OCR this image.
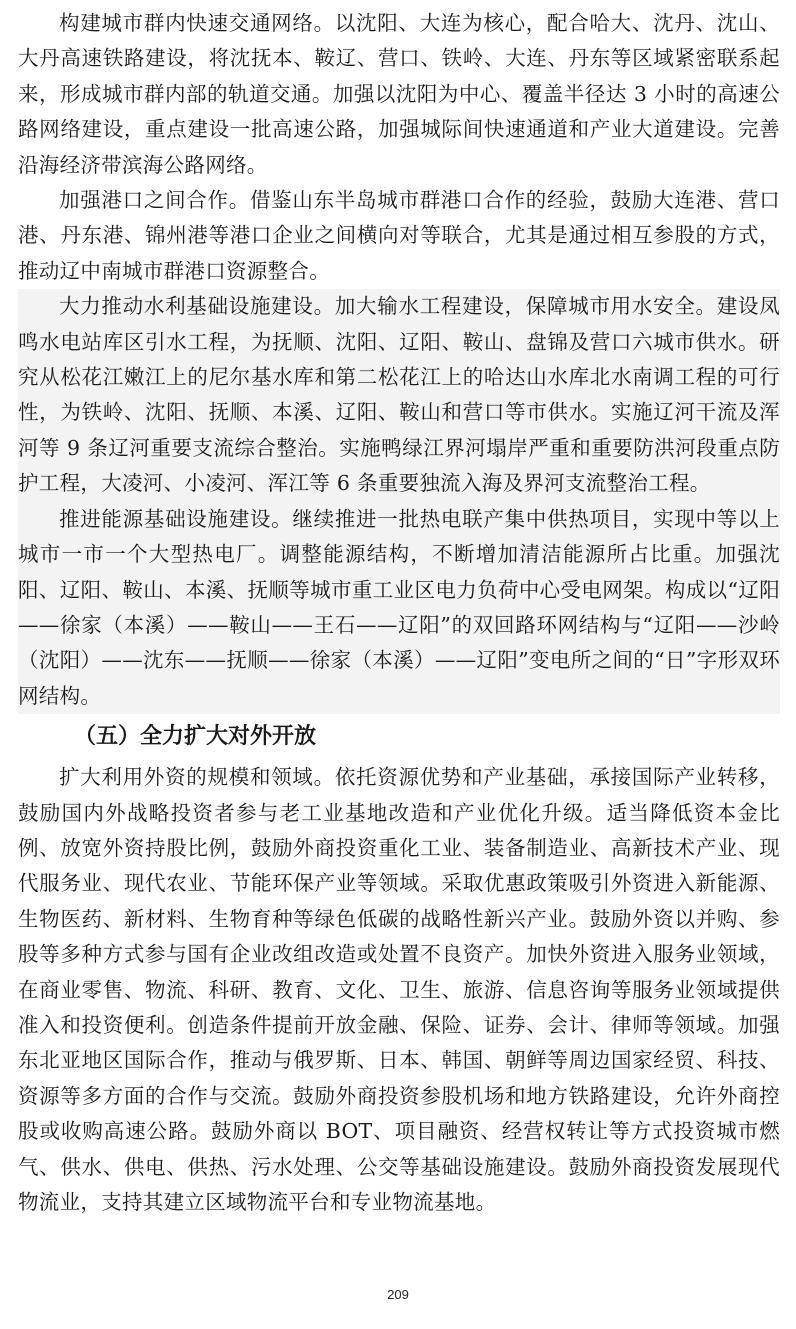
构建城市群内快速交通网络。以沈阳、大连为核心，配合哈大、沈丹、沈山、大丹高速铁路建设，将沈抚本、鞍辽、营口、铁岭、大连、丹东等区域紧密联系起来，形成城市群内部的轨道交通。加强以沈阳为中心、覆盖半径达 3 小时的高速公路网络建设，重点建设一批高速公路，加强城际间快速通道和产业大道建设。完善沿海经济带滨海公路网络。

加强港口之间合作。借鉴山东半岛城市群港口合作的经验，鼓励大连港、营口港、丹东港、锦州港等港口企业之间横向对等联合，尤其是通过相互参股的方式，推动辽中南城市群港口资源整合。

大力推动水利基础设施建设。加大输水工程建设，保障城市用水安全。建设凤鸣水电站库区引水工程，为抚顺、沈阳、辽阳、鞍山、盘锦及营口六城市供水。研究从松花江嫩江上的尼尔基水库和第二松花江上的哈达山水库北水南调工程的可行性，为铁岭、沈阳、抚顺、本溪、辽阳、鞍山和营口等市供水。实施辽河干流及浑河等 9 条辽河重要支流综合整治。实施鸭绿江界河塌岸严重和重要防洪河段重点防护工程，大凌河、小凌河、浑江等 6 条重要独流入海及界河支流整治工程。

推进能源基础设施建设。继续推进一批热电联产集中供热项目，实现中等以上城市一市一个大型热电厂。调整能源结构，不断增加清洁能源所占比重。加强沈阳、辽阳、鞍山、本溪、抚顺等城市重工业区电力负荷中心受电网架。构成以“辽阳——徐家（本溪）——鞍山——王石——辽阳”的双回路环网结构与“辽阳——沙岭（沈阳）——沈东——抚顺——徐家（本溪）——辽阳”变电所之间的“日”字形双环网结构。

（五）全力扩大对外开放

扩大利用外资的规模和领域。依托资源优势和产业基础，承接国际产业转移，鼓励国内外战略投资者参与老工业基地改造和产业优化升级。适当降低资本金比例、放宽外资持股比例，鼓励外商投资重化工业、装备制造业、高新技术产业、现代服务业、现代农业、节能环保产业等领域。采取优惠政策吸引外资进入新能源、生物医药、新材料、生物育种等绿色低碳的战略性新兴产业。鼓励外资以并购、参股等多种方式参与国有企业改组改造或处置不良资产。加快外资进入服务业领域，在商业零售、物流、科研、教育、文化、卫生、旅游、信息咨询等服务业领域提供准入和投资便利。创造条件提前开放金融、保险、证券、会计、律师等领域。加强东北亚地区国际合作，推动与俄罗斯、日本、韩国、朝鲜等周边国家经贸、科技、资源等多方面的合作与交流。鼓励外商投资参股机场和地方铁路建设，允许外商控股或收购高速公路。鼓励外商以 BOT、项目融资、经营权转让等方式投资城市燃气、供水、供电、供热、污水处理、公交等基础设施建设。鼓励外商投资发展现代物流业，支持其建立区域物流平台和专业物流基地。

209
